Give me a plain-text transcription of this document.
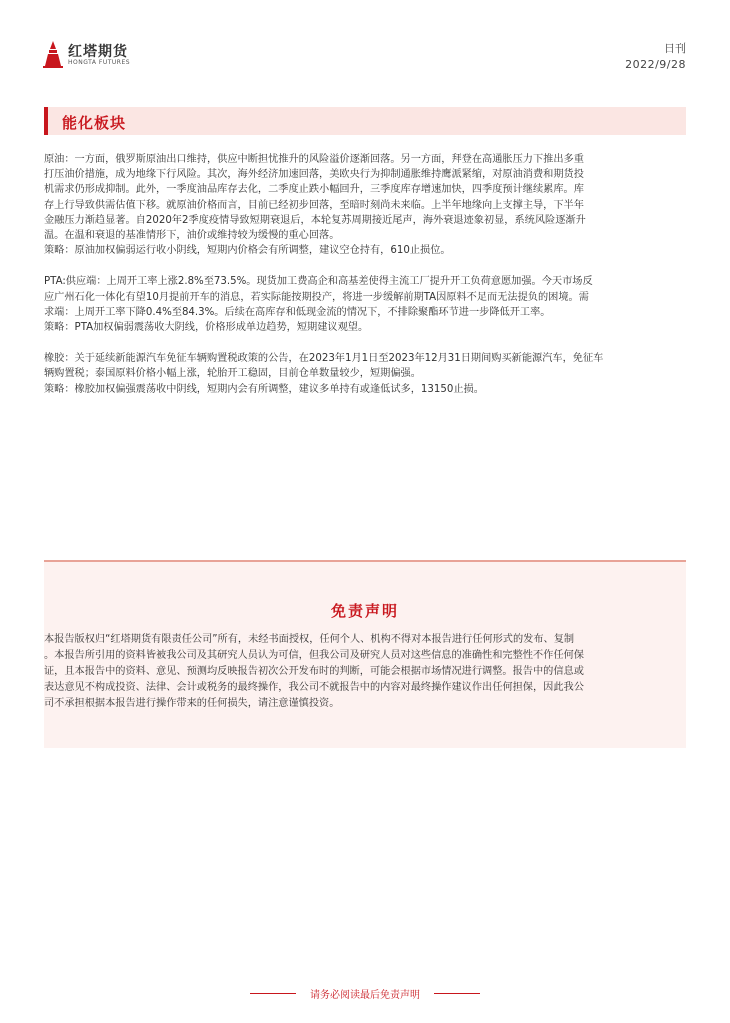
红塔期货
HONGTA FUTURES
日刊
2022/9/28
能化板块
原油：一方面，俄罗斯原油出口维持，供应中断担忧推升的风险溢价逐渐回落。另一方面，拜登在高通胀压力下推出多重
打压油价措施，成为地缘下行风险。其次，海外经济加速回落，美欧央行为抑制通胀维持鹰派紧缩，对原油消费和期货投
机需求仍形成抑制。此外，一季度油品库存去化，二季度止跌小幅回升，三季度库存增速加快，四季度预计继续累库。库
存上行导致供需估值下移。就原油价格而言，目前已经初步回落，至暗时刻尚未来临。上半年地缘向上支撑主导，下半年
金融压力渐趋显著。自2020年2季度疫情导致短期衰退后，本轮复苏周期接近尾声，海外衰退迹象初显，系统风险逐渐升
温。在温和衰退的基准情形下，油价或维持较为缓慢的重心回落。
策略：原油加权偏弱运行收小阴线，短期内价格会有所调整，建议空仓持有，610止损位。
PTA:供应端：上周开工率上涨2.8%至73.5%。现货加工费高企和高基差使得主流工厂提升开工负荷意愿加强。今天市场反
应广州石化一体化有望10月提前开车的消息，若实际能按期投产，将进一步缓解前期TA因原料不足而无法提负的困境。需
求端：上周开工率下降0.4%至84.3%。后续在高库存和低现金流的情况下，不排除聚酯环节进一步降低开工率。
策略：PTA加权偏弱震荡收大阴线，价格形成单边趋势，短期建议观望。
橡胶：关于延续新能源汽车免征车辆购置税政策的公告，在2023年1月1日至2023年12月31日期间购买新能源汽车，免征车
辆购置税；泰国原料价格小幅上涨，轮胎开工稳固，目前仓单数量较少，短期偏强。
策略：橡胶加权偏强震荡收中阴线，短期内会有所调整，建议多单持有或逢低试多，13150止损。
免责声明
本报告版权归“红塔期货有限责任公司”所有，未经书面授权，任何个人、机构不得对本报告进行任何形式的发布、复制
。本报告所引用的资料皆被我公司及其研究人员认为可信，但我公司及研究人员对这些信息的准确性和完整性不作任何保
证，且本报告中的资料、意见、预测均反映报告初次公开发布时的判断，可能会根据市场情况进行调整。报告中的信息或
表达意见不构成投资、法律、会计或税务的最终操作，我公司不就报告中的内容对最终操作建议作出任何担保，因此我公
司不承担根据本报告进行操作带来的任何损失，请注意谨慎投资。
请务必阅读最后免责声明
